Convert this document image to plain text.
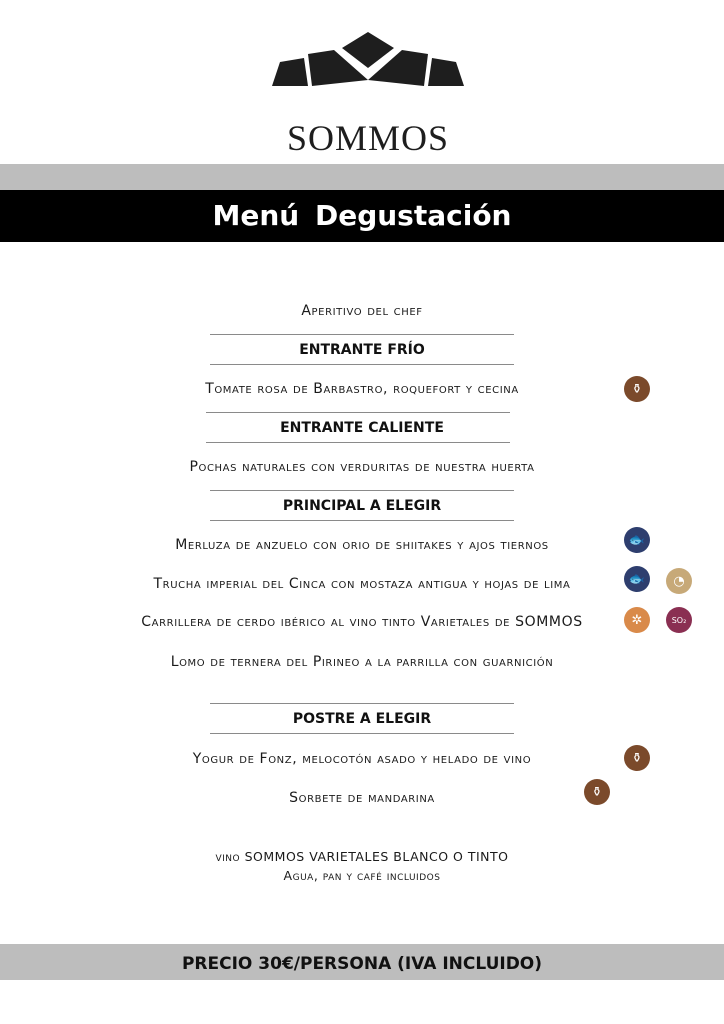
SOMMOS
Menú Degustación
Aperitivo del chef
ENTRANTE FRÍO
Tomate rosa de Barbastro, roquefort y cecina	⚱
ENTRANTE CALIENTE
Pochas naturales con verduritas de nuestra huerta
PRINCIPAL A ELEGIR
Merluza de anzuelo con orio de shiitakes y ajos tiernos	🐟
Trucha imperial del Cinca con mostaza antigua y hojas de lima	🐟 ◔
Carrillera de cerdo ibérico al vino tinto Varietales de SOMMOS	✲	SO₂
Lomo de ternera del Pirineo a la parrilla con guarnición
POSTRE A ELEGIR
Yogur de Fonz, melocotón asado y helado de vino	⚱
Sorbete de mandarina	⚱
vino SOMMOS VARIETALES BLANCO O TINTO
Agua, pan y café incluidos
PRECIO 30€/PERSONA (IVA INCLUIDO)
